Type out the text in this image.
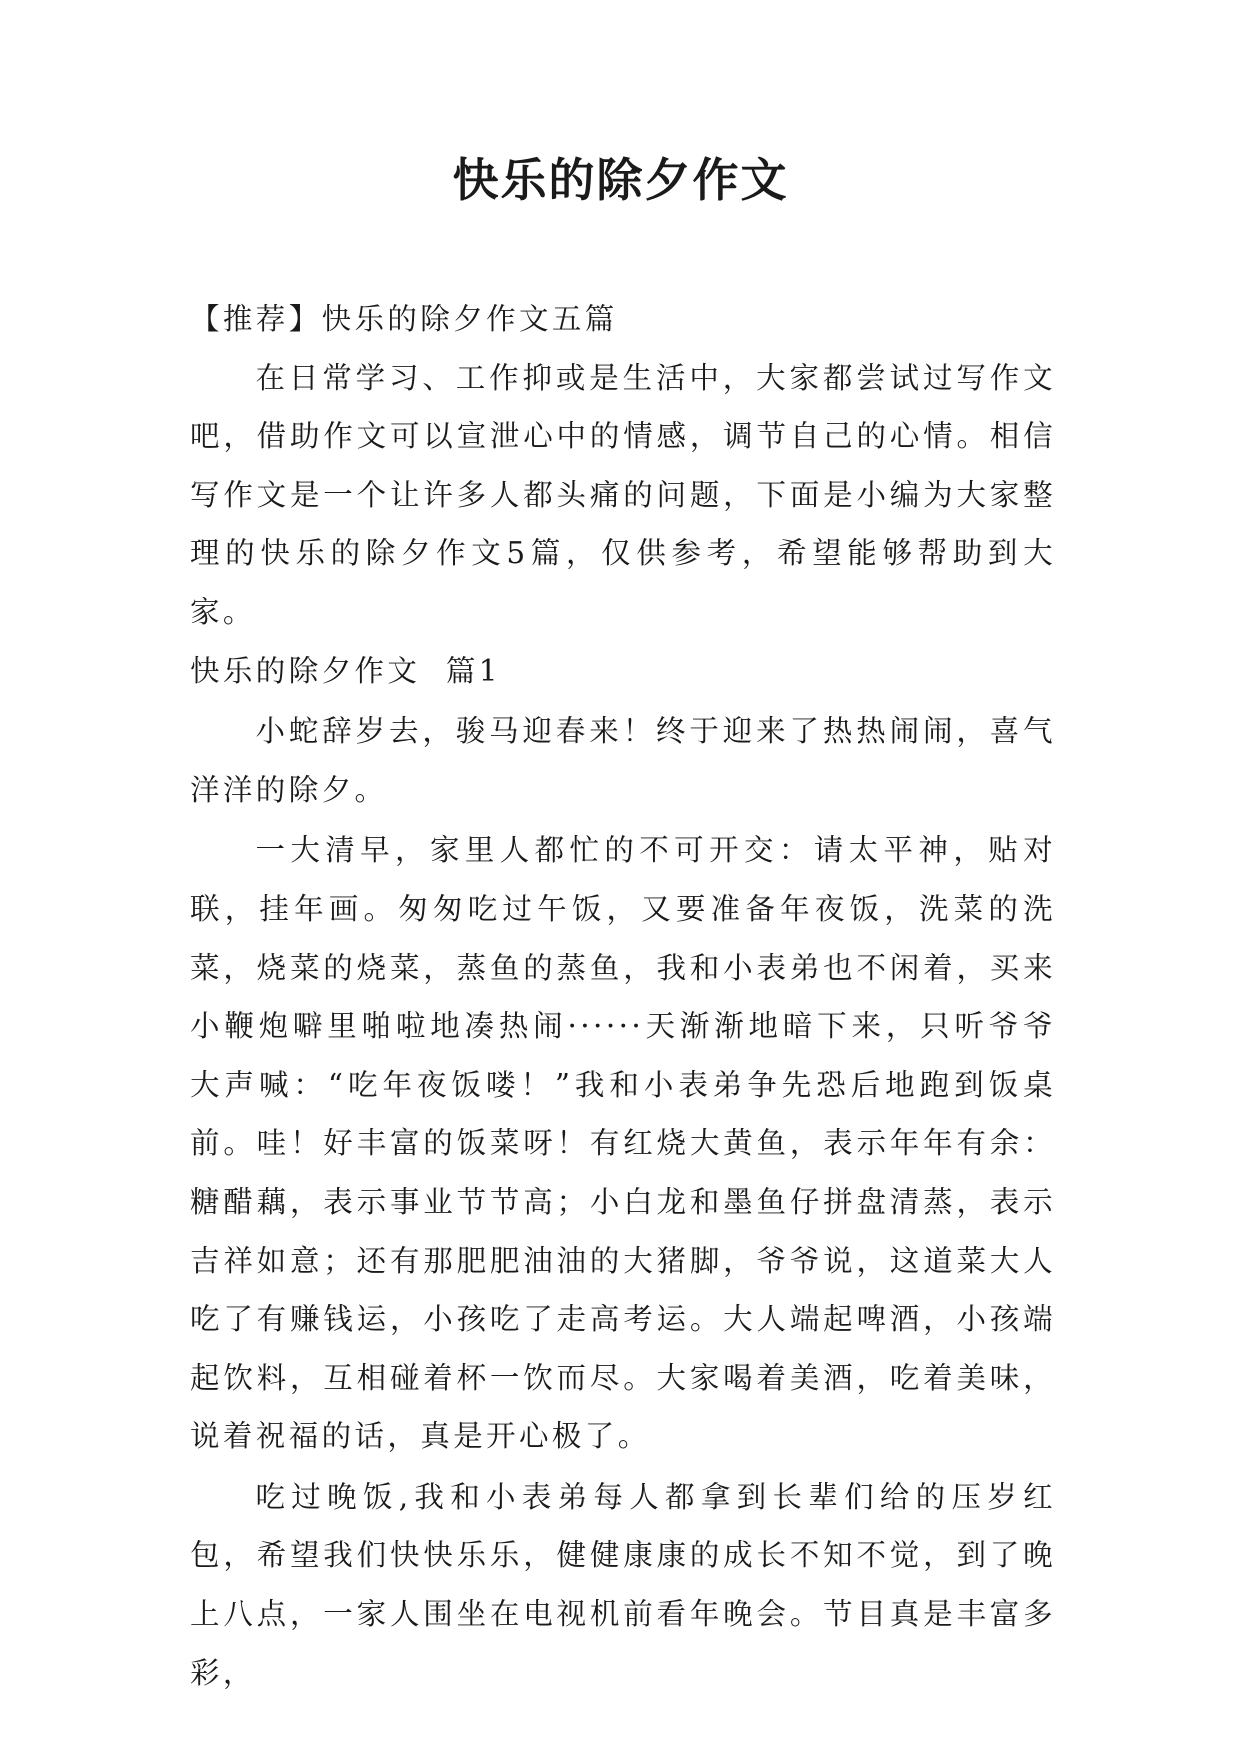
快乐的除夕作文

【推荐】快乐的除夕作文五篇

在日常学习、工作抑或是生活中，大家都尝试过写作文吧，借助作文可以宣泄心中的情感，调节自己的心情。相信写作文是一个让许多人都头痛的问题，下面是小编为大家整理的快乐的除夕作文5篇，仅供参考，希望能够帮助到大家。

快乐的除夕作文  篇1

小蛇辞岁去，骏马迎春来！终于迎来了热热闹闹，喜气洋洋的除夕。

一大清早，家里人都忙的不可开交：请太平神，贴对联，挂年画。匆匆吃过午饭，又要准备年夜饭，洗菜的洗菜，烧菜的烧菜，蒸鱼的蒸鱼，我和小表弟也不闲着，买来小鞭炮噼里啪啦地凑热闹······天渐渐地暗下来，只听爷爷大声喊：“吃年夜饭喽！”我和小表弟争先恐后地跑到饭桌前。哇！好丰富的饭菜呀！有红烧大黄鱼，表示年年有余：糖醋藕，表示事业节节高；小白龙和墨鱼仔拼盘清蒸，表示吉祥如意；还有那肥肥油油的大猪脚，爷爷说，这道菜大人吃了有赚钱运，小孩吃了走高考运。大人端起啤酒，小孩端起饮料，互相碰着杯一饮而尽。大家喝着美酒，吃着美味，说着祝福的话，真是开心极了。

吃过晚饭,我和小表弟每人都拿到长辈们给的压岁红包，希望我们快快乐乐，健健康康的成长不知不觉，到了晚上八点，一家人围坐在电视机前看年晚会。节目真是丰富多彩，
